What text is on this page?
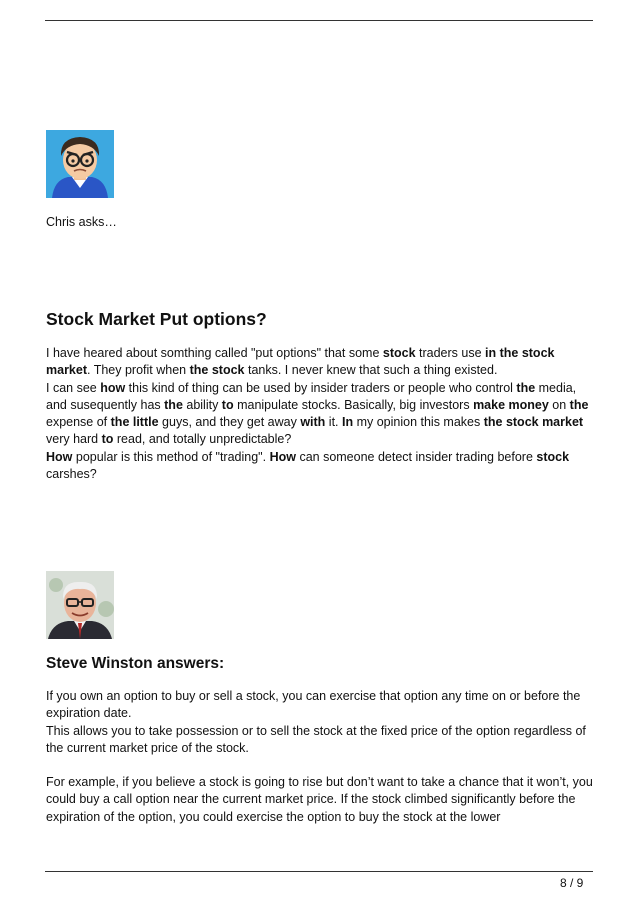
Chris asks…
Stock Market Put options?
I have heared about somthing called "put options" that some stock traders use in the stock market. They profit when the stock tanks. I never knew that such a thing existed.
I can see how this kind of thing can be used by insider traders or people who control the media, and susequently has the ability to manipulate stocks. Basically, big investors make money on the expense of the little guys, and they get away with it. In my opinion this makes the stock market very hard to read, and totally unpredictable?
How popular is this method of "trading". How can someone detect insider trading before stock carshes?
Steve Winston answers:

If you own an option to buy or sell a stock, you can exercise that option any time on or before the expiration date.

This allows you to take possession or to sell the stock at the fixed price of the option regardless of the current market price of the stock.

For example, if you believe a stock is going to rise but don’t want to take a chance that it won’t, you could buy a call option near the current market price. If the stock climbed significantly before the expiration of the option, you could exercise the option to buy the stock at the lower

8 / 9
